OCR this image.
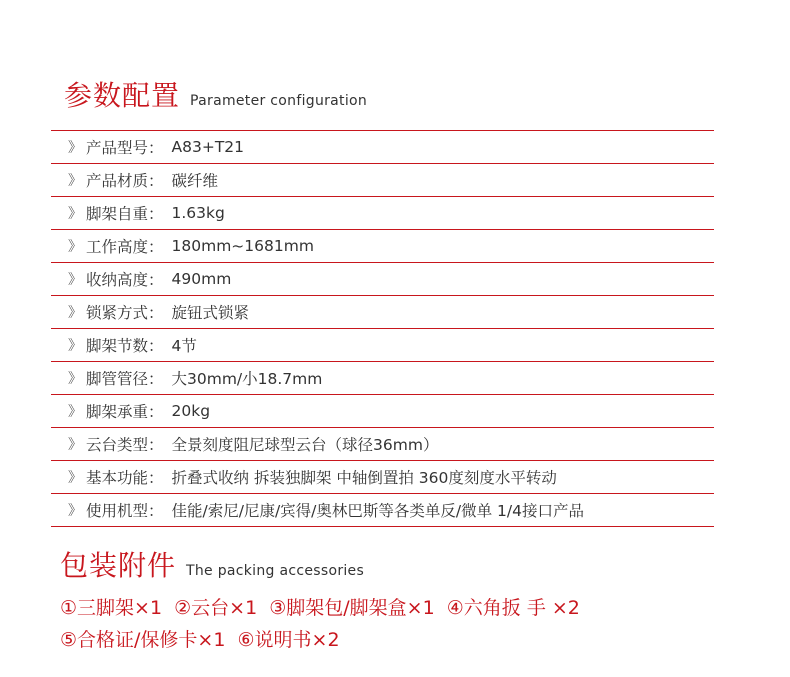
参数配置 Parameter configuration
》 产品型号： A83+T21
》 产品材质： 碳纤维
》 脚架自重： 1.63kg
》 工作高度： 180mm~1681mm
》 收纳高度： 490mm
》 锁紧方式： 旋钮式锁紧
》 脚架节数： 4节
》 脚管管径： 大30mm/小18.7mm
》 脚架承重： 20kg
》 云台类型： 全景刻度阻尼球型云台（球径36mm）
》 基本功能： 折叠式收纳 拆装独脚架 中轴倒置拍 360度刻度水平转动
》 使用机型： 佳能/索尼/尼康/宾得/奥林巴斯等各类单反/微单 1/4接口产品
包装附件 The packing accessories
①三脚架×1  ②云台×1  ③脚架包/脚架盒×1  ④六角扳 手 ×2
⑤合格证/保修卡×1  ⑥说明书×2
